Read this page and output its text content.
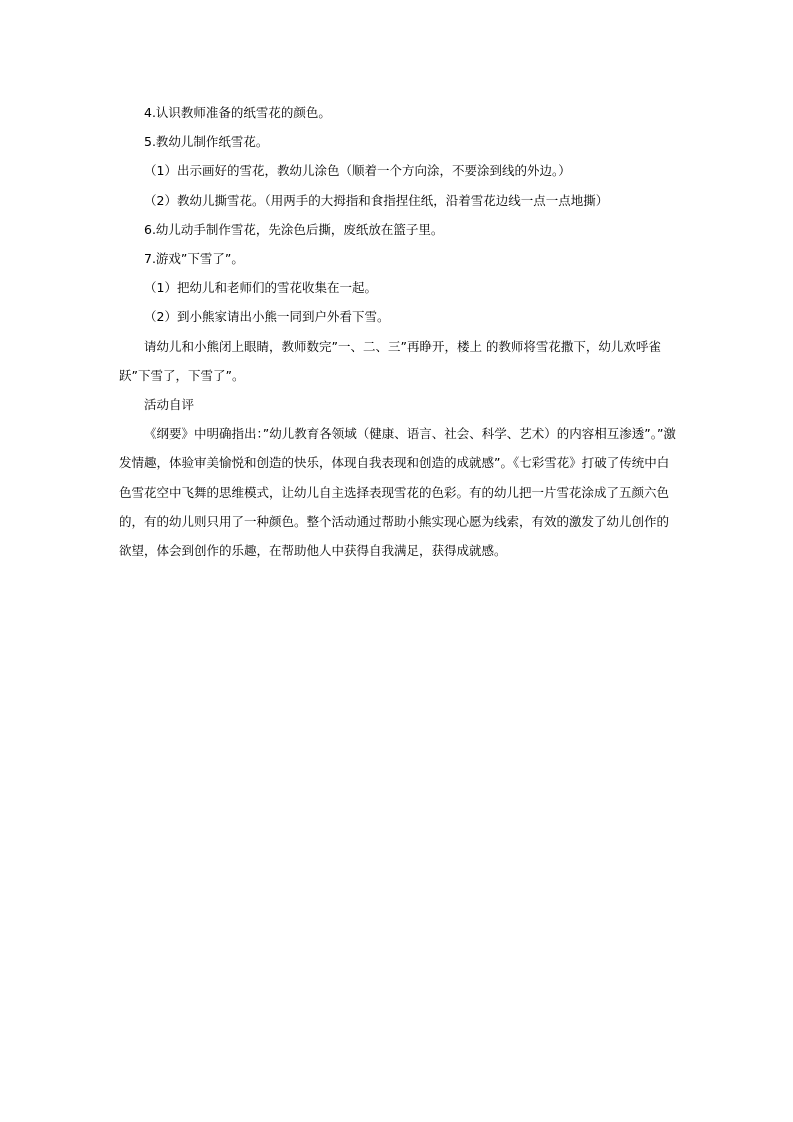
4.认识教师准备的纸雪花的颜色。
5.教幼儿制作纸雪花。
（1）出示画好的雪花，教幼儿涂色（顺着一个方向涂，不要涂到线的外边。）
（2）教幼儿撕雪花。（用两手的大拇指和食指捏住纸，沿着雪花边线一点一点地撕）
6.幼儿动手制作雪花，先涂色后撕，废纸放在篮子里。
7.游戏”下雪了”。
（1）把幼儿和老师们的雪花收集在一起。
（2）到小熊家请出小熊一同到户外看下雪。

请幼儿和小熊闭上眼睛，教师数完”一、二、三”再睁开，楼上 的教师将雪花撒下，幼儿欢呼雀跃”下雪了，下雪了”。

活动自评

《纲要》中明确指出：”幼儿教育各领域（健康、语言、社会、科学、艺术）的内容相互渗透”。”激发情趣，体验审美愉悦和创造的快乐，体现自我表现和创造的成就感”。《七彩雪花》打破了传统中白色雪花空中飞舞的思维模式，让幼儿自主选择表现雪花的色彩。有的幼儿把一片雪花涂成了五颜六色的，有的幼儿则只用了一种颜色。整个活动通过帮助小熊实现心愿为线索，有效的激发了幼儿创作的欲望，体会到创作的乐趣，在帮助他人中获得自我满足，获得成就感。
